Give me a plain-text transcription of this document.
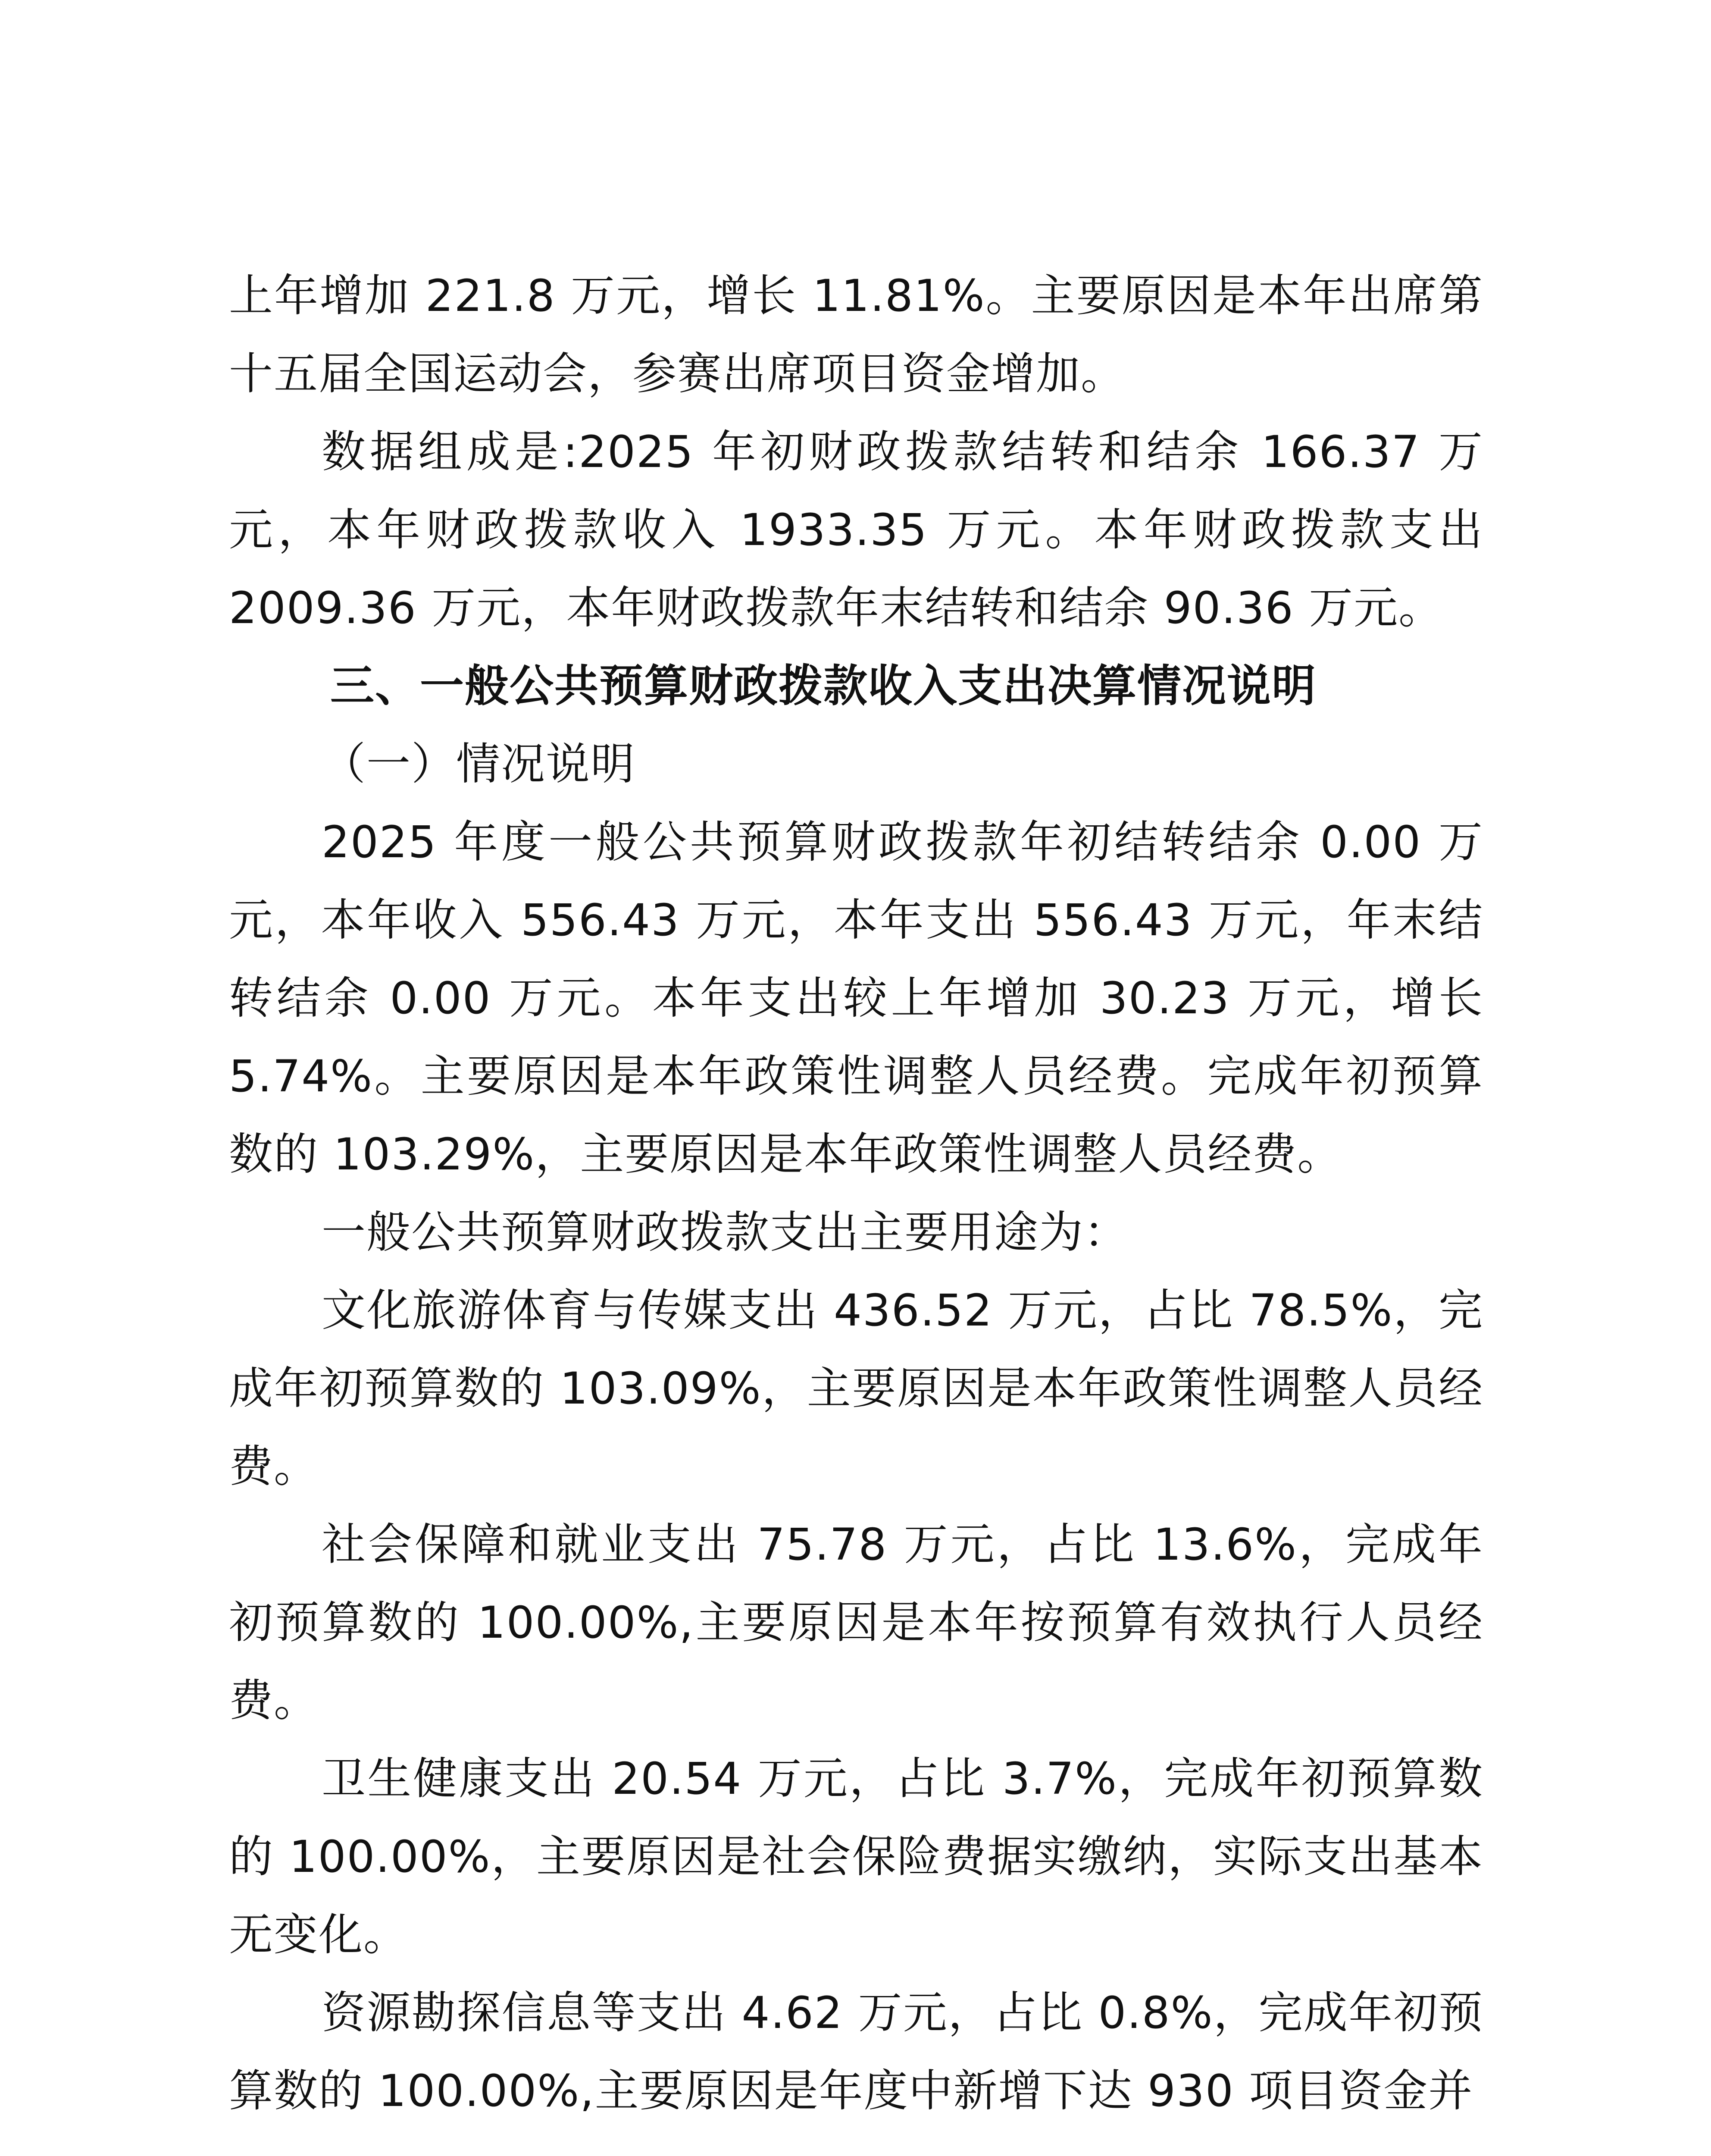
上年增加 221.8 万元，增长 11.81%。主要原因是本年出席第十五届全国运动会，参赛出席项目资金增加。

数据组成是:2025 年初财政拨款结转和结余 166.37 万元，本年财政拨款收入 1933.35 万元。本年财政拨款支出 2009.36 万元，本年财政拨款年末结转和结余 90.36 万元。

三、一般公共预算财政拨款收入支出决算情况说明

（一）情况说明

2025 年度一般公共预算财政拨款年初结转结余 0.00 万元，本年收入 556.43 万元，本年支出 556.43 万元，年末结转结余 0.00 万元。本年支出较上年增加 30.23 万元，增长 5.74%。主要原因是本年政策性调整人员经费。完成年初预算数的 103.29%，主要原因是本年政策性调整人员经费。

一般公共预算财政拨款支出主要用途为：

文化旅游体育与传媒支出 436.52 万元，占比 78.5%，完成年初预算数的 103.09%，主要原因是本年政策性调整人员经费。

社会保障和就业支出 75.78 万元，占比 13.6%，完成年初预算数的 100.00%,主要原因是本年按预算有效执行人员经费。

卫生健康支出 20.54 万元，占比 3.7%，完成年初预算数的 100.00%，主要原因是社会保险费据实缴纳，实际支出基本无变化。

资源勘探信息等支出 4.62 万元，占比 0.8%，完成年初预算数的 100.00%,主要原因是年度中新增下达 930 项目资金并
